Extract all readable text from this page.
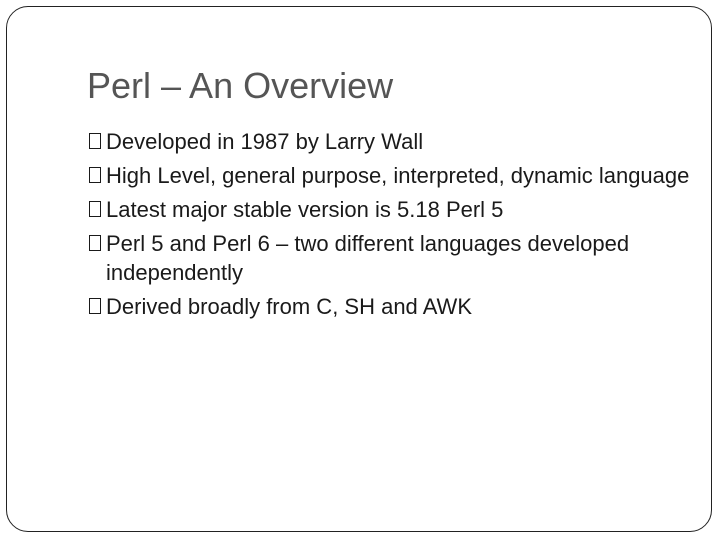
Perl – An Overview
Developed in 1987 by Larry Wall
High Level, general purpose, interpreted, dynamic language
Latest major stable version is 5.18 Perl 5
Perl 5 and Perl 6 – two different languages developed independently
Derived broadly from C, SH and AWK
